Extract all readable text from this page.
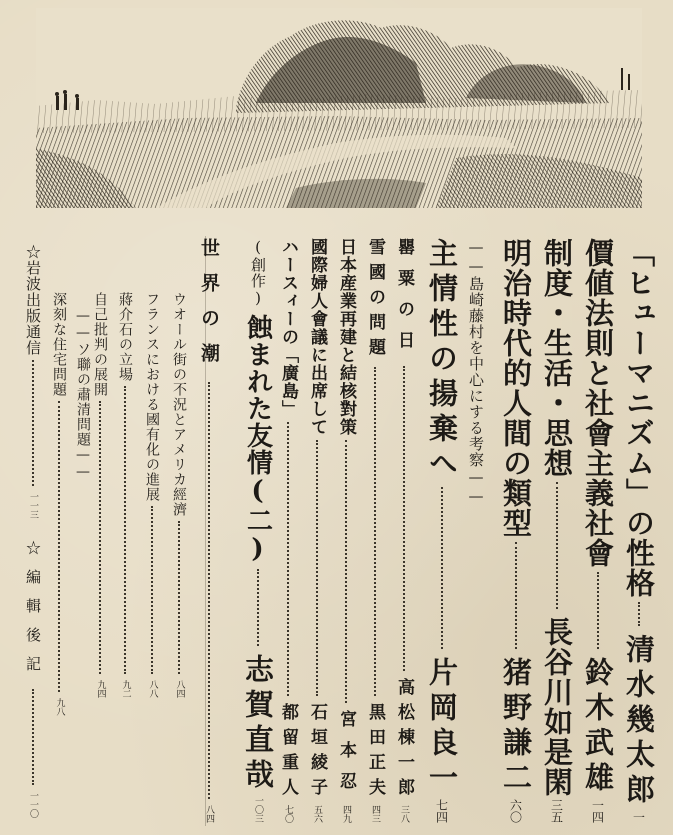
「ヒューマニズム」の性格
清水幾太郎
一
價値法則と社會主義社會
鈴木武雄
一四
制度・生活・思想
長谷川如是閑
三五
明治時代的人間の類型
猪野謙二
六〇
主情性の揚棄へ
片岡良一
七四
——島崎藤村を中心にする考察——
罌粟の日
高松棟一郎
三八
雪國の問題
黒田正夫
四三
日本産業再建と結核對策
宮本忍
四九
國際婦人會議に出席して
石垣綾子
五六
ハースィーの「廣島」
都留重人
七〇
(創作)
蝕まれた友情(二)
志賀直哉
一〇三
世界の潮
八四
ウオール街の不況とアメリカ經濟
八四
フランスにおける國有化の進展
八八
蔣介石の立場
九二
自己批判の展開
九四
——ソ聯の肅清問題——
深刻な住宅問題
九八
☆岩波出版通信
一一三
☆編輯後記
一一〇
